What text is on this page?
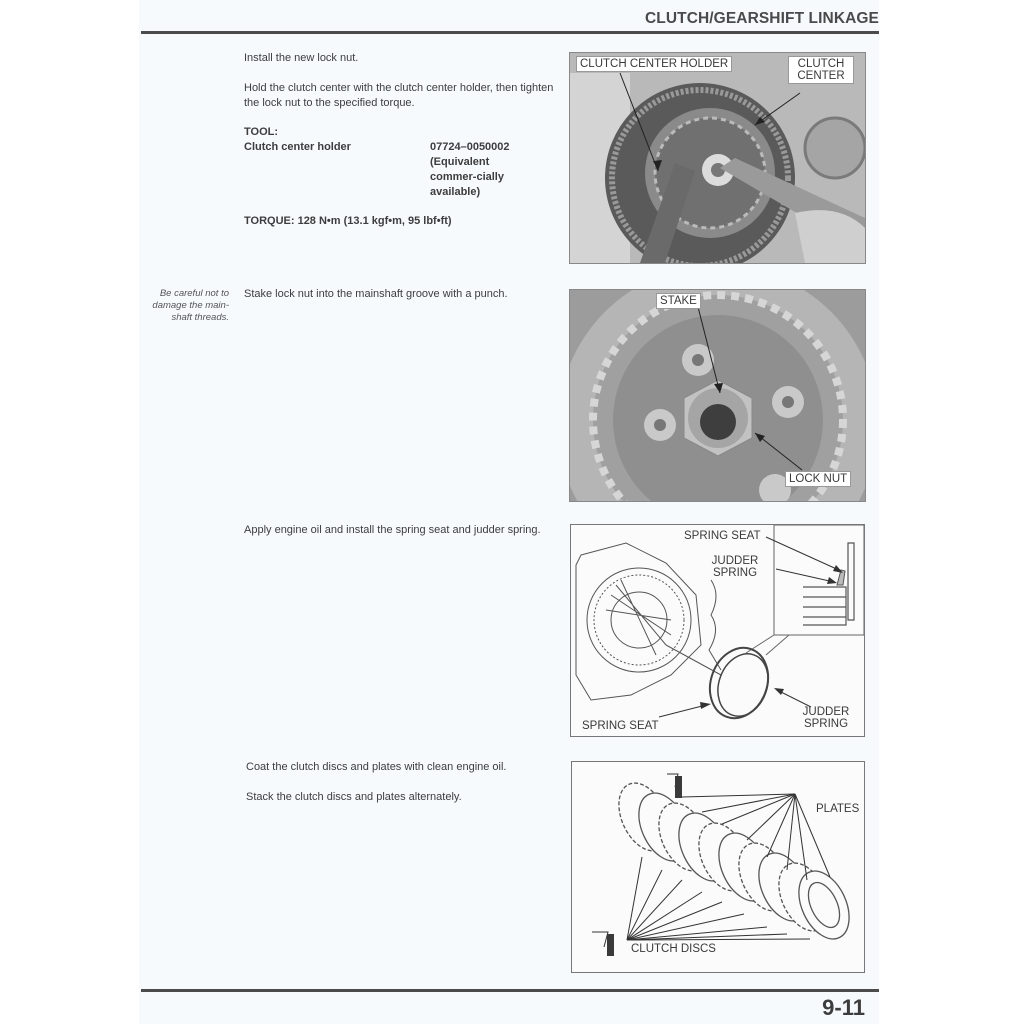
CLUTCH/GEARSHIFT LINKAGE

Install the new lock nut.

Hold the clutch center with the clutch center holder, then tighten the lock nut to the specified torque.

TOOL:

Clutch center holder	07724–0050002
(Equivalent commer-cially available)

TORQUE: 128 N•m (13.1 kgf•m, 95 lbf•ft)

CLUTCH CENTER HOLDER	CLUTCH CENTER
Be careful not to damage the main-shaft threads.

Stake lock nut into the mainshaft groove with a punch.

STAKE
LOCK NUT

Apply engine oil and install the spring seat and judder spring.	SPRING SEAT
JUDDER SPRING
SPRING SEAT
JUDDER SPRING

Coat the clutch discs and plates with clean engine oil.

Stack the clutch discs and plates alternately.

PLATES
CLUTCH DISCS
9-11
